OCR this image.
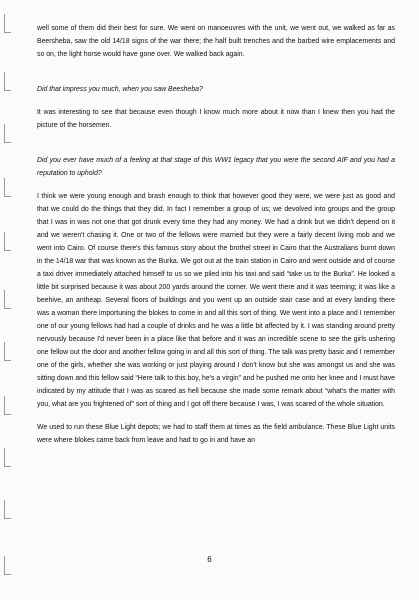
well some of them did their best for sure. We went on manoeuvres with the unit, we went out, we walked as far as Beersheba, saw the old 14/18 signs of the war there; the half built trenches and the barbed wire emplacements and so on, the light horse would have gone over. We walked back again.

Did that impress you much, when you saw Beesheba?

It was interesting to see that because even though I know much more about it now than I knew then you had the picture of the horsemen.

Did you ever have much of a feeling at that stage of this WW1 legacy that you were the second AIF and you had a reputation to uphold?

I think we were young enough and brash enough to think that however good they were, we were just as good and that we could do the things that they did. In fact I remember a group of us; we devolved into groups and the group that I was in was not one that got drunk every time they had any money. We had a drink but we didn't depend on it and we weren't chasing it. One or two of the fellows were married but they were a fairly decent living mob and we went into Cairo. Of course there's this famous story about the brothel street in Cairo that the Australians burnt down in the 14/18 war that was known as the Burka. We got out at the train station in Cairo and went outside and of course a taxi driver immediately attached himself to us so we piled into his taxi and said “take us to the Burka”. He looked a little bit surprised because it was about 200 yards around the corner. We went there and it was teeming; it was like a beehive, an antheap. Several floors of buildings and you went up an outside stair case and at every landing there was a woman there importuning the blokes to come in and all this sort of thing. We went into a place and I remember one of our young fellows had had a couple of drinks and he was a little bit affected by it. I was standing around pretty nervously because I'd never been in a place like that before and it was an incredible scene to see the girls ushering one fellow out the door and another fellow going in and all this sort of thing. The talk was pretty basic and I remember one of the girls, whether she was working or just playing around I don't know but she was amongst us and she was sitting down and this fellow said “Here talk to this boy, he's a virgin” and he pushed me onto her knee and I must have indicated by my attitude that I was as scared as hell because she made some remark about “what's the matter with you, what are you frightened of” sort of thing and I got off there because I was, I was scared of the whole situation.

We used to run these Blue Light depots; we had to staff them at times as the field ambulance. These Blue Light units were where blokes came back from leave and had to go in and have an

6
